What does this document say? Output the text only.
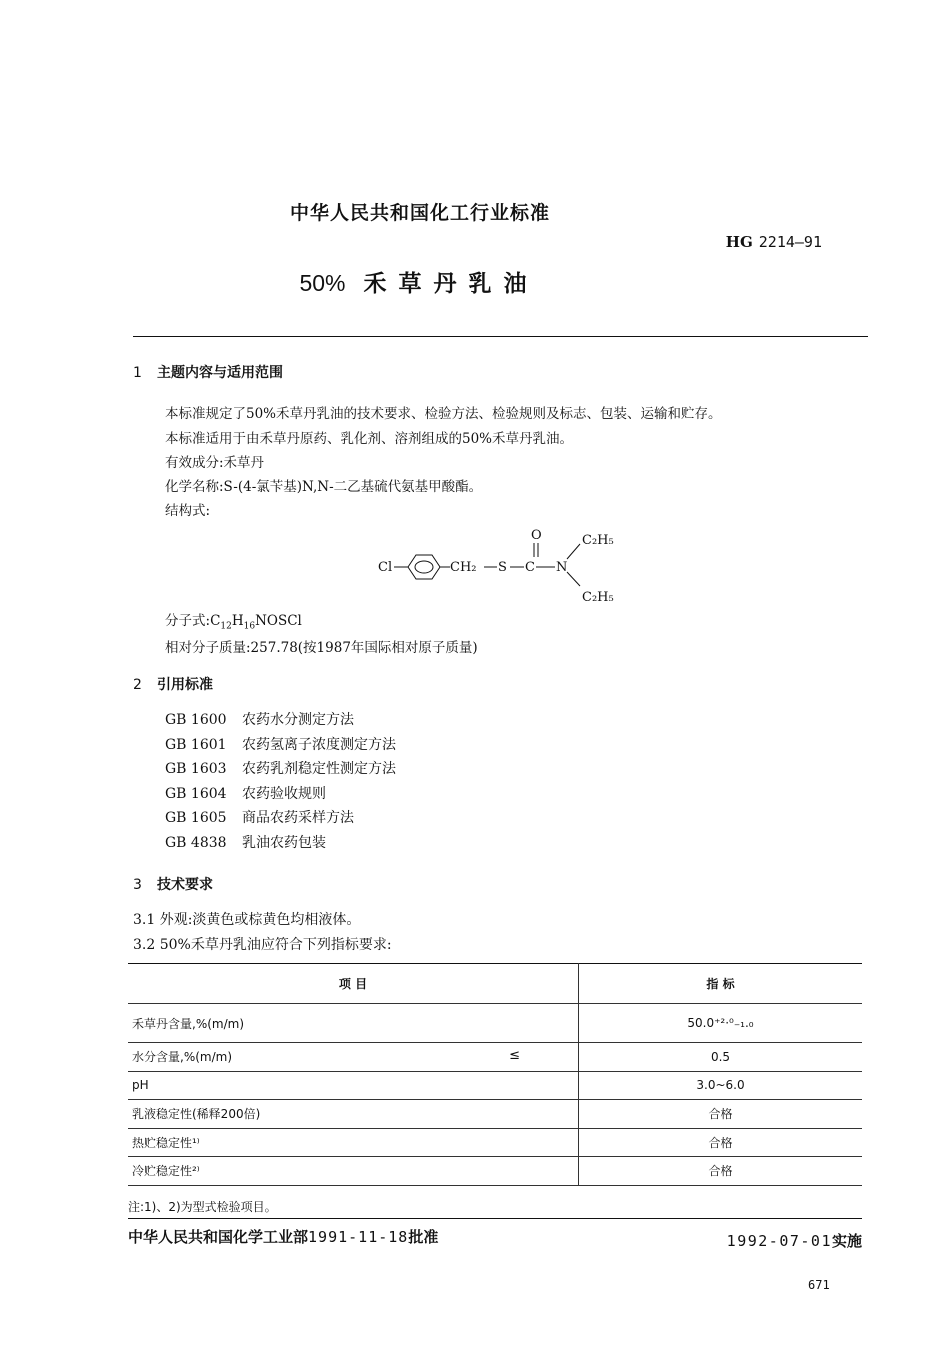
中华人民共和国化工行业标准
HG 2214—91
50% 禾草丹乳油
1 主题内容与适用范围
本标准规定了50%禾草丹乳油的技术要求、检验方法、检验规则及标志、包装、运输和贮存。
本标准适用于由禾草丹原药、乳化剂、溶剂组成的50%禾草丹乳油。
有效成分:禾草丹
化学名称:S-(4-氯苄基)N,N-二乙基硫代氨基甲酸酯。
结构式:
Cl	CH₂ S C
O
N
C₂H₅
C₂H₅
分子式$:C_{12}H_{16}NOSCl$
相对分子质量:257.78(按1987年国际相对原子质量)
2 引用标准
GB 1600 农药水分测定方法
GB 1601 农药氢离子浓度测定方法
GB 1603 农药乳剂稳定性测定方法
GB 1604 农药验收规则
GB 1605 商品农药采样方法
GB 4838 乳油农药包装
3 技术要求
3.1 外观:淡黄色或棕黄色均相液体。
3.2 50%禾草丹乳油应符合下列指标要求:
项 目	指 标
禾草丹含量,%(m/m)	50.0⁺²·⁰₋₁.₀
水分含量,%(m/m) ≤	0.5
pH	3.0~6.0
乳液稳定性(稀释200倍)	合格
热贮稳定性¹⁾	合格
冷贮稳定性²⁾	合格
注:1)、2)为型式检验项目。
中华人民共和国化学工业部1991-11-18批准	1992-07-01实施
671
